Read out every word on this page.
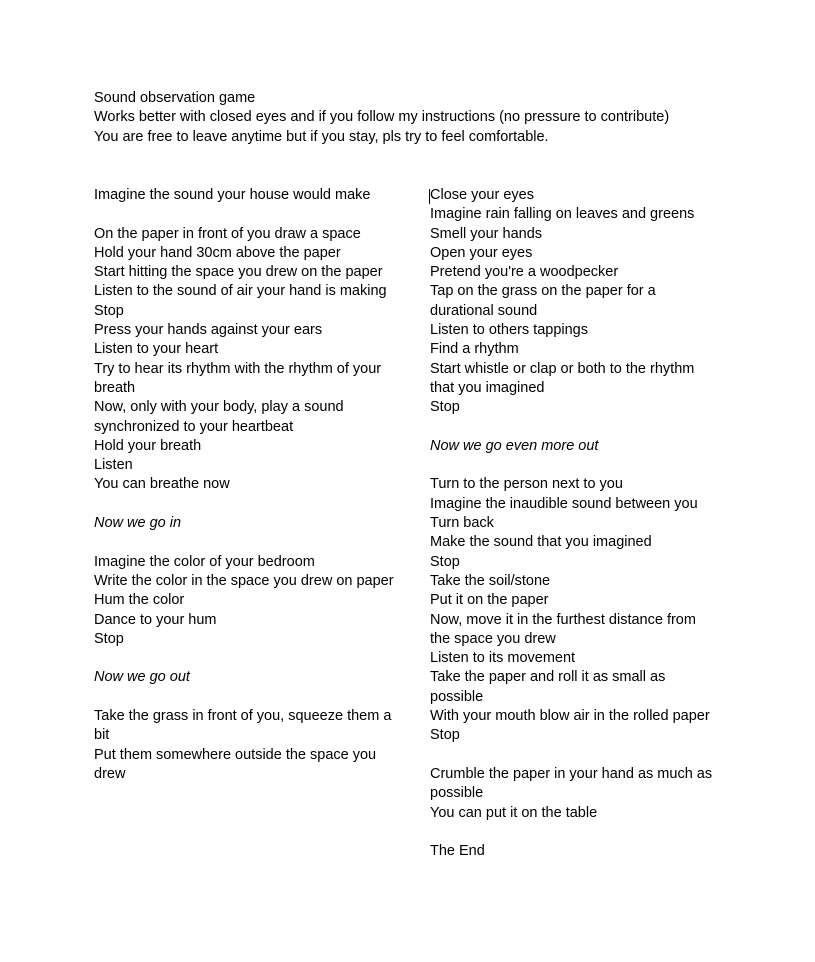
Sound observation game
Works better with closed eyes and if you follow my instructions (no pressure to contribute)
You are free to leave anytime but if you stay, pls try to feel comfortable.
Imagine the sound your house would make
On the paper in front of you draw a space
Hold your hand 30cm above the paper
Start hitting the space you drew on the paper
Listen to the sound of air your hand is making
Stop
Press your hands against your ears
Listen to your heart
Try to hear its rhythm with the rhythm of your breath
Now, only with your body, play a sound synchronized to your heartbeat
Hold your breath
Listen
You can breathe now
Now we go in
Imagine the color of your bedroom
Write the color in the space you drew on paper
Hum the color
Dance to your hum
Stop
Now we go out
Take the grass in front of you, squeeze them a bit
Put them somewhere outside the space you drew
Close your eyes
Imagine rain falling on leaves and greens
Smell your hands
Open your eyes
Pretend you're a woodpecker
Tap on the grass on the paper for a durational sound
Listen to others tappings
Find a rhythm
Start whistle or clap or both to the rhythm that you imagined
Stop
Now we go even more out
Turn to the person next to you
Imagine the inaudible sound between you
Turn back
Make the sound that you imagined
Stop
Take the soil/stone
Put it on the paper
Now, move it in the furthest distance from the space you drew
Listen to its movement
Take the paper and roll it as small as possible
With your mouth blow air in the rolled paper
Stop
Crumble the paper in your hand as much as possible
You can put it on the table
The End
